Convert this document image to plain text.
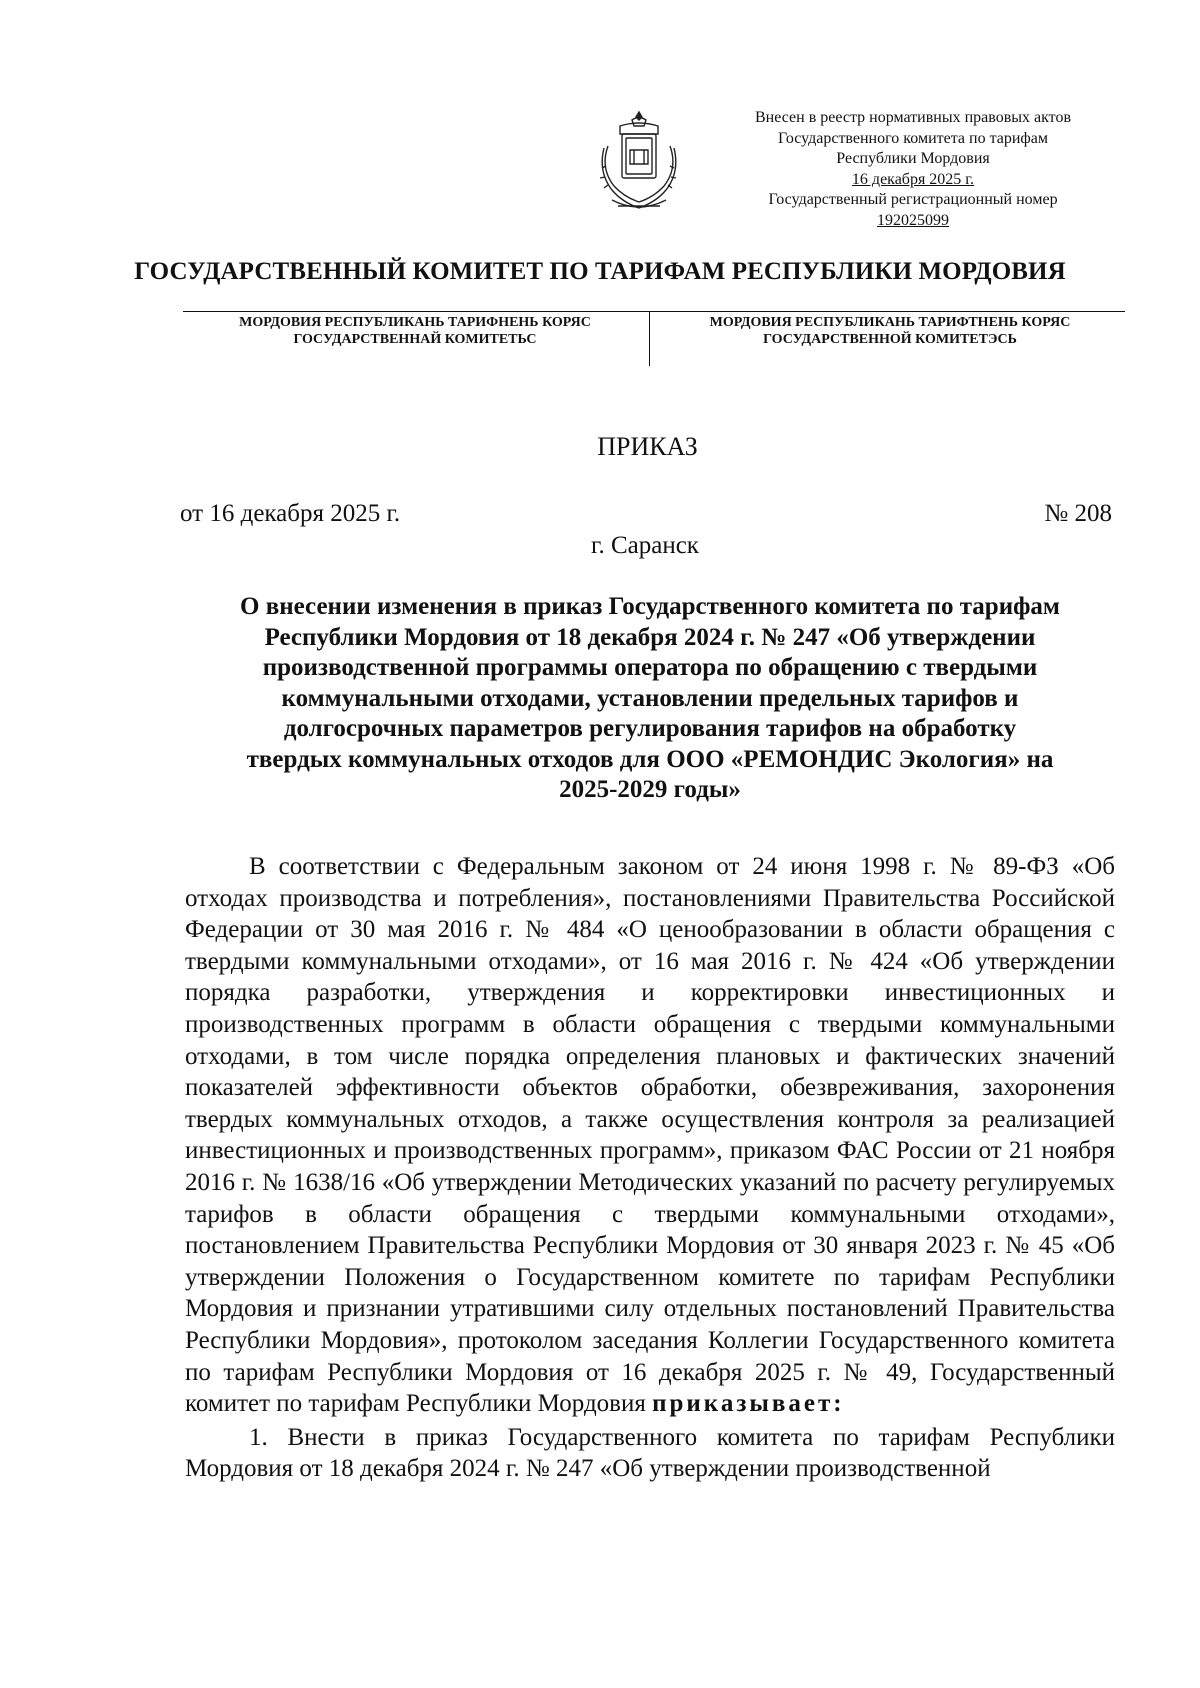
Внесен в реестр нормативных правовых актов
Государственного комитета по тарифам
Республики Мордовия
16 декабря 2025 г.
Государственный регистрационный номер
192025099
ГОСУДАРСТВЕННЫЙ КОМИТЕТ ПО ТАРИФАМ РЕСПУБЛИКИ МОРДОВИЯ
МОРДОВИЯ РЕСПУБЛИКАНЬ ТАРИФНЕНЬ КОРЯС
ГОСУДАРСТВЕННАЙ КОМИТЕТЬС
МОРДОВИЯ РЕСПУБЛИКАНЬ ТАРИФТНЕНЬ КОРЯС
ГОСУДАРСТВЕННОЙ КОМИТЕТЭСЬ
ПРИКАЗ
от 16 декабря 2025 г.	№ 208
г. Саранск
О внесении изменения в приказ Государственного комитета по тарифам
Республики Мордовия от 18 декабря 2024 г. № 247 «Об утверждении
производственной программы оператора по обращению с твердыми
коммунальными отходами, установлении предельных тарифов и
долгосрочных параметров регулирования тарифов на обработку
твердых коммунальных отходов для ООО «РЕМОНДИС Экология» на
2025-2029 годы»

В соответствии с Федеральным законом от 24 июня 1998 г. № 89-ФЗ «Об отходах производства и потребления», постановлениями Правительства Российской Федерации от 30 мая 2016 г. № 484 «О ценообразовании в области обращения с твердыми коммунальными отходами», от 16 мая 2016 г. № 424 «Об утверждении порядка разработки, утверждения и корректировки инвестиционных и производственных программ в области обращения с твердыми коммунальными отходами, в том числе порядка определения плановых и фактических значений показателей эффективности объектов обработки, обезвреживания, захоронения твердых коммунальных отходов, а также осуществления контроля за реализацией инвестиционных и производственных программ», приказом ФАС России от 21 ноября 2016 г. № 1638/16 «Об утверждении Методических указаний по расчету регулируемых тарифов в области обращения с твердыми коммунальными отходами», постановлением Правительства Республики Мордовия от 30 января 2023 г. № 45 «Об утверждении Положения о Государственном комитете по тарифам Республики Мордовия и признании утратившими силу отдельных постановлений Правительства Республики Мордовия», протоколом заседания Коллегии Государственного комитета по тарифам Республики Мордовия от 16 декабря 2025 г. № 49, Государственный комитет по тарифам Республики Мордовия приказывает:

1. Внести в приказ Государственного комитета по тарифам Республики Мордовия от 18 декабря 2024 г. № 247 «Об утверждении производственной
